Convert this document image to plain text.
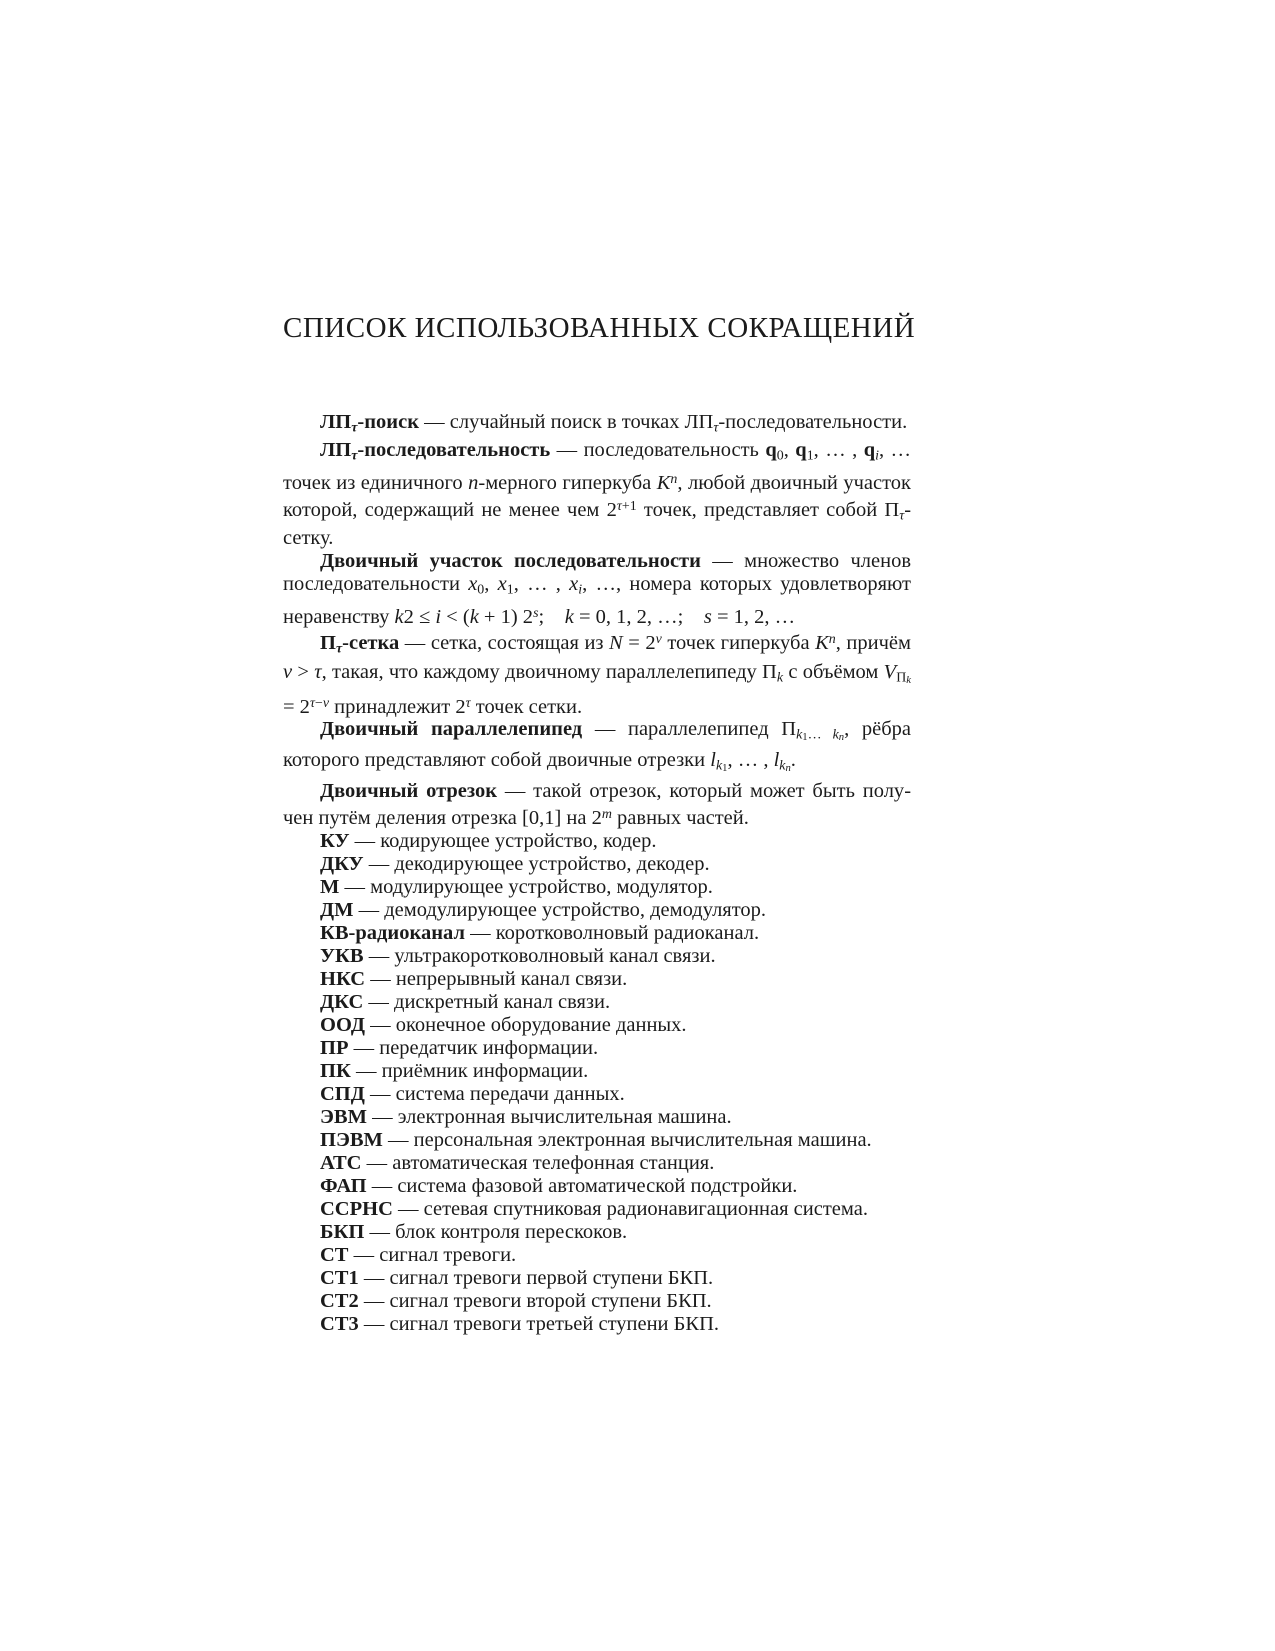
СПИСОК ИСПОЛЬЗОВАННЫХ СОКРАЩЕНИЙ

ЛПτ-поиск — случайный поиск в точках ЛПτ-последовательности.

ЛПτ-последовательность — последовательность q0, q1, … , qi, … точек из единичного n-мерного гиперкуба $K^n$, любой двоичный участок которой, содержащий не менее чем $2^{\tau+1}$ точек, представляет собой Πτ-сетку.

Двоичный участок последовательности — множество членов последовательности x0, x1, … , xi, …, номера которых удовлетворяют неравенству k2 ≤ i < (k + 1) 2$^s$;  k = 0, 1, 2, …;  s = 1, 2, …

Πτ-сетка — сетка, состоящая из $N = 2^\nu$ точек гиперкуба $K^n$, причём ν > τ, такая, что каждому двоичному параллелепипеду Πk с объёмом $V\Pi_k = 2^{\tau-\nu}$ принадлежит $2^\tau$ точек сетки.

Двоичный параллелепипед — параллелепипед $\Pi k_1\dots$ $k_n$, рёбра которого представляют собой двоичные отрезки $lk_1$, … , $lk_n$.

Двоичный отрезок — такой отрезок, который может быть получен путём деления отрезка [0,1] на 2$^m$ равных частей.

КУ — кодирующее устройство, кодер.

ДКУ — декодирующее устройство, декодер.

М — модулирующее устройство, модулятор.

ДМ — демодулирующее устройство, демодулятор.

КВ-радиоканал — коротковолновый радиоканал.

УКВ — ультракоротковолновый канал связи.

НКС — непрерывный канал связи.

ДКС — дискретный канал связи.

ООД — оконечное оборудование данных.

ПР — передатчик информации.

ПК — приёмник информации.

СПД — система передачи данных.

ЭВМ — электронная вычислительная машина.

ПЭВМ — персональная электронная вычислительная машина.

АТС — автоматическая телефонная станция.

ФАП — система фазовой автоматической подстройки.

ССРНС — сетевая спутниковая радионавигационная система.

БКП — блок контроля перескоков.

СТ — сигнал тревоги.

СТ1 — сигнал тревоги первой ступени БКП.

СТ2 — сигнал тревоги второй ступени БКП.

СТ3 — сигнал тревоги третьей ступени БКП.
